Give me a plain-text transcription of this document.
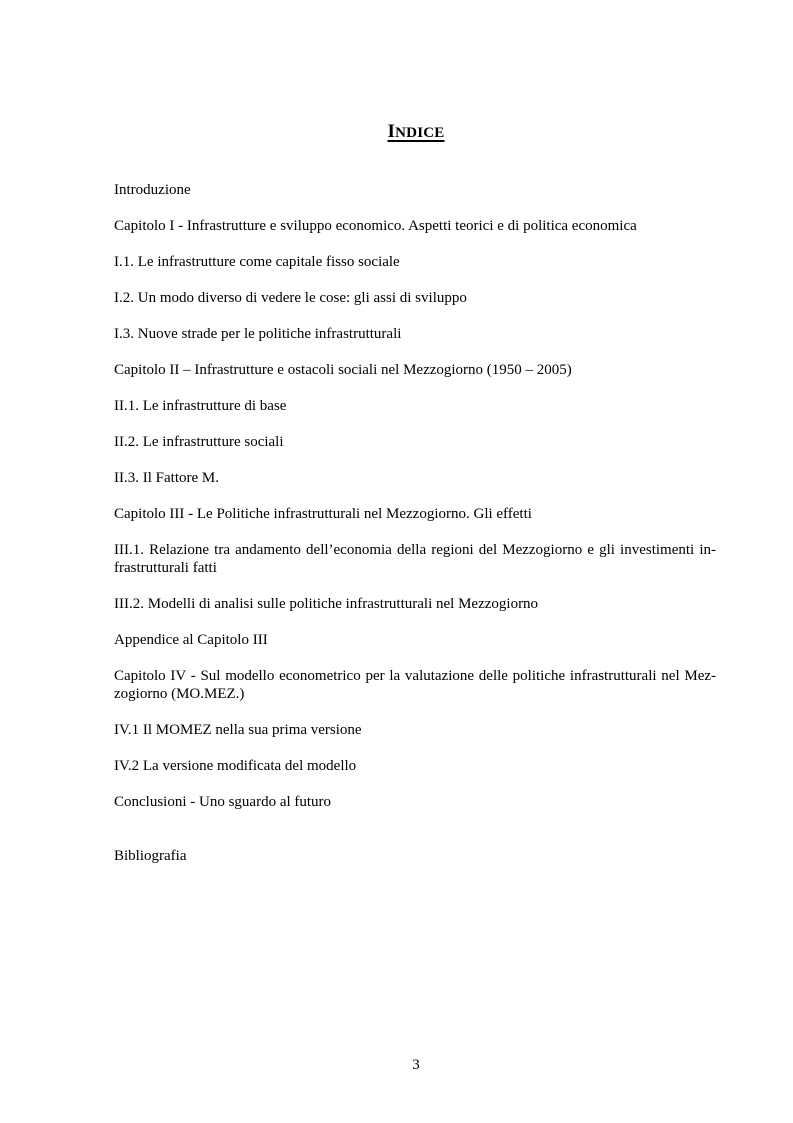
INDICE
Introduzione
Capitolo I - Infrastrutture e sviluppo economico. Aspetti teorici e di politica economica
I.1. Le infrastrutture come capitale fisso sociale
I.2. Un modo diverso di vedere le cose: gli assi di sviluppo
I.3. Nuove strade per le politiche infrastrutturali
Capitolo II – Infrastrutture e ostacoli sociali nel Mezzogiorno (1950 – 2005)
II.1. Le infrastrutture di base
II.2. Le infrastrutture sociali
II.3. Il Fattore M.
Capitolo III - Le Politiche infrastrutturali nel Mezzogiorno. Gli effetti
III.1. Relazione tra andamento dell’economia della regioni del Mezzogiorno e gli investimenti in-frastrutturali fatti
III.2. Modelli di analisi sulle politiche infrastrutturali nel Mezzogiorno
Appendice al Capitolo III
Capitolo IV - Sul modello econometrico per la valutazione delle politiche infrastrutturali nel Mez-zogiorno (MO.MEZ.)
IV.1 Il MOMEZ nella sua prima versione
IV.2 La versione modificata del modello
Conclusioni - Uno sguardo al futuro
Bibliografia
3
